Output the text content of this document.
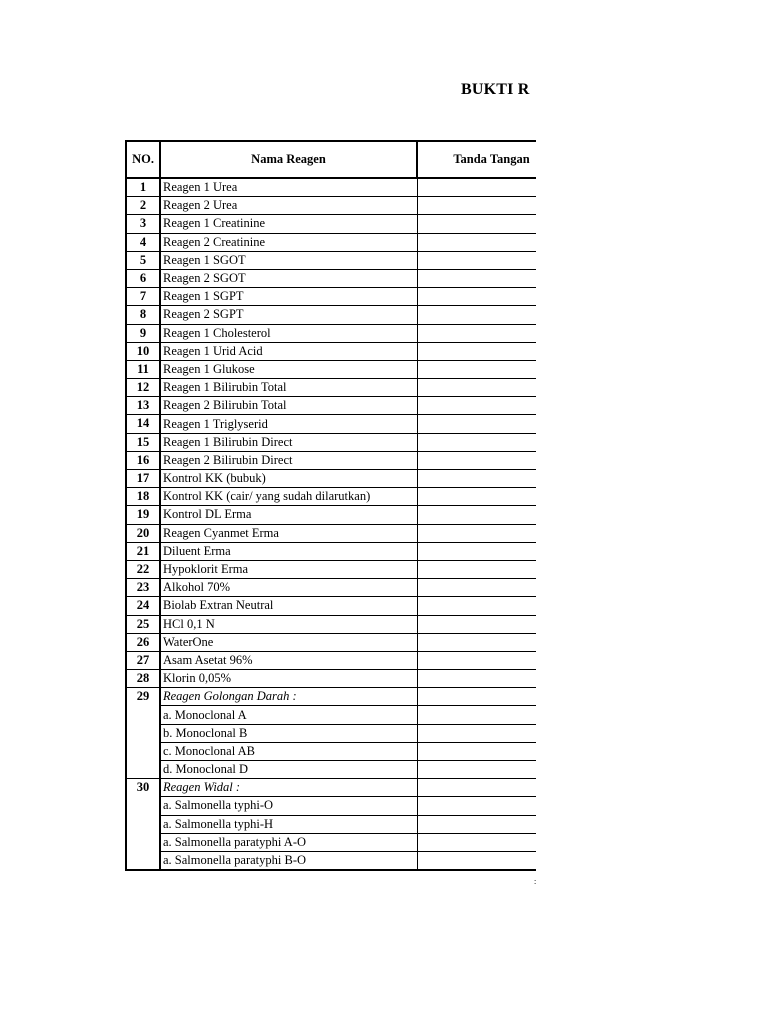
BUKTI R
NO.	Nama Reagen	Tanda Tangan
1	Reagen 1 Urea	
2	Reagen 2 Urea	
3	Reagen 1 Creatinine	
4	Reagen 2 Creatinine	
5	Reagen 1 SGOT	
6	Reagen 2 SGOT	
7	Reagen 1 SGPT	
8	Reagen 2 SGPT	
9	Reagen 1 Cholesterol	
10	Reagen 1 Urid Acid	
11	Reagen 1 Glukose	
12	Reagen 1 Bilirubin Total	
13	Reagen 2 Bilirubin Total	
14	Reagen 1 Triglyserid	
15	Reagen 1 Bilirubin Direct	
16	Reagen 2 Bilirubin Direct	
17	Kontrol KK (bubuk)	
18	Kontrol KK (cair/ yang sudah dilarutkan)	
19	Kontrol DL Erma	
20	Reagen Cyanmet Erma	
21	Diluent Erma	
22	Hypoklorit Erma	
23	Alkohol 70%	
24	Biolab Extran Neutral	
25	HCl 0,1 N	
26	WaterOne	
27	Asam Asetat 96%	
28	Klorin 0,05%	
29	Reagen Golongan Darah :	
	a. Monoclonal A	
	b. Monoclonal B	
	c. Monoclonal AB	
	d. Monoclonal D	
30	Reagen Widal :	
	a. Salmonella typhi-O	
	a. Salmonella typhi-H	
	a. Salmonella paratyphi A-O	
	a. Salmonella paratyphi B-O	
:
